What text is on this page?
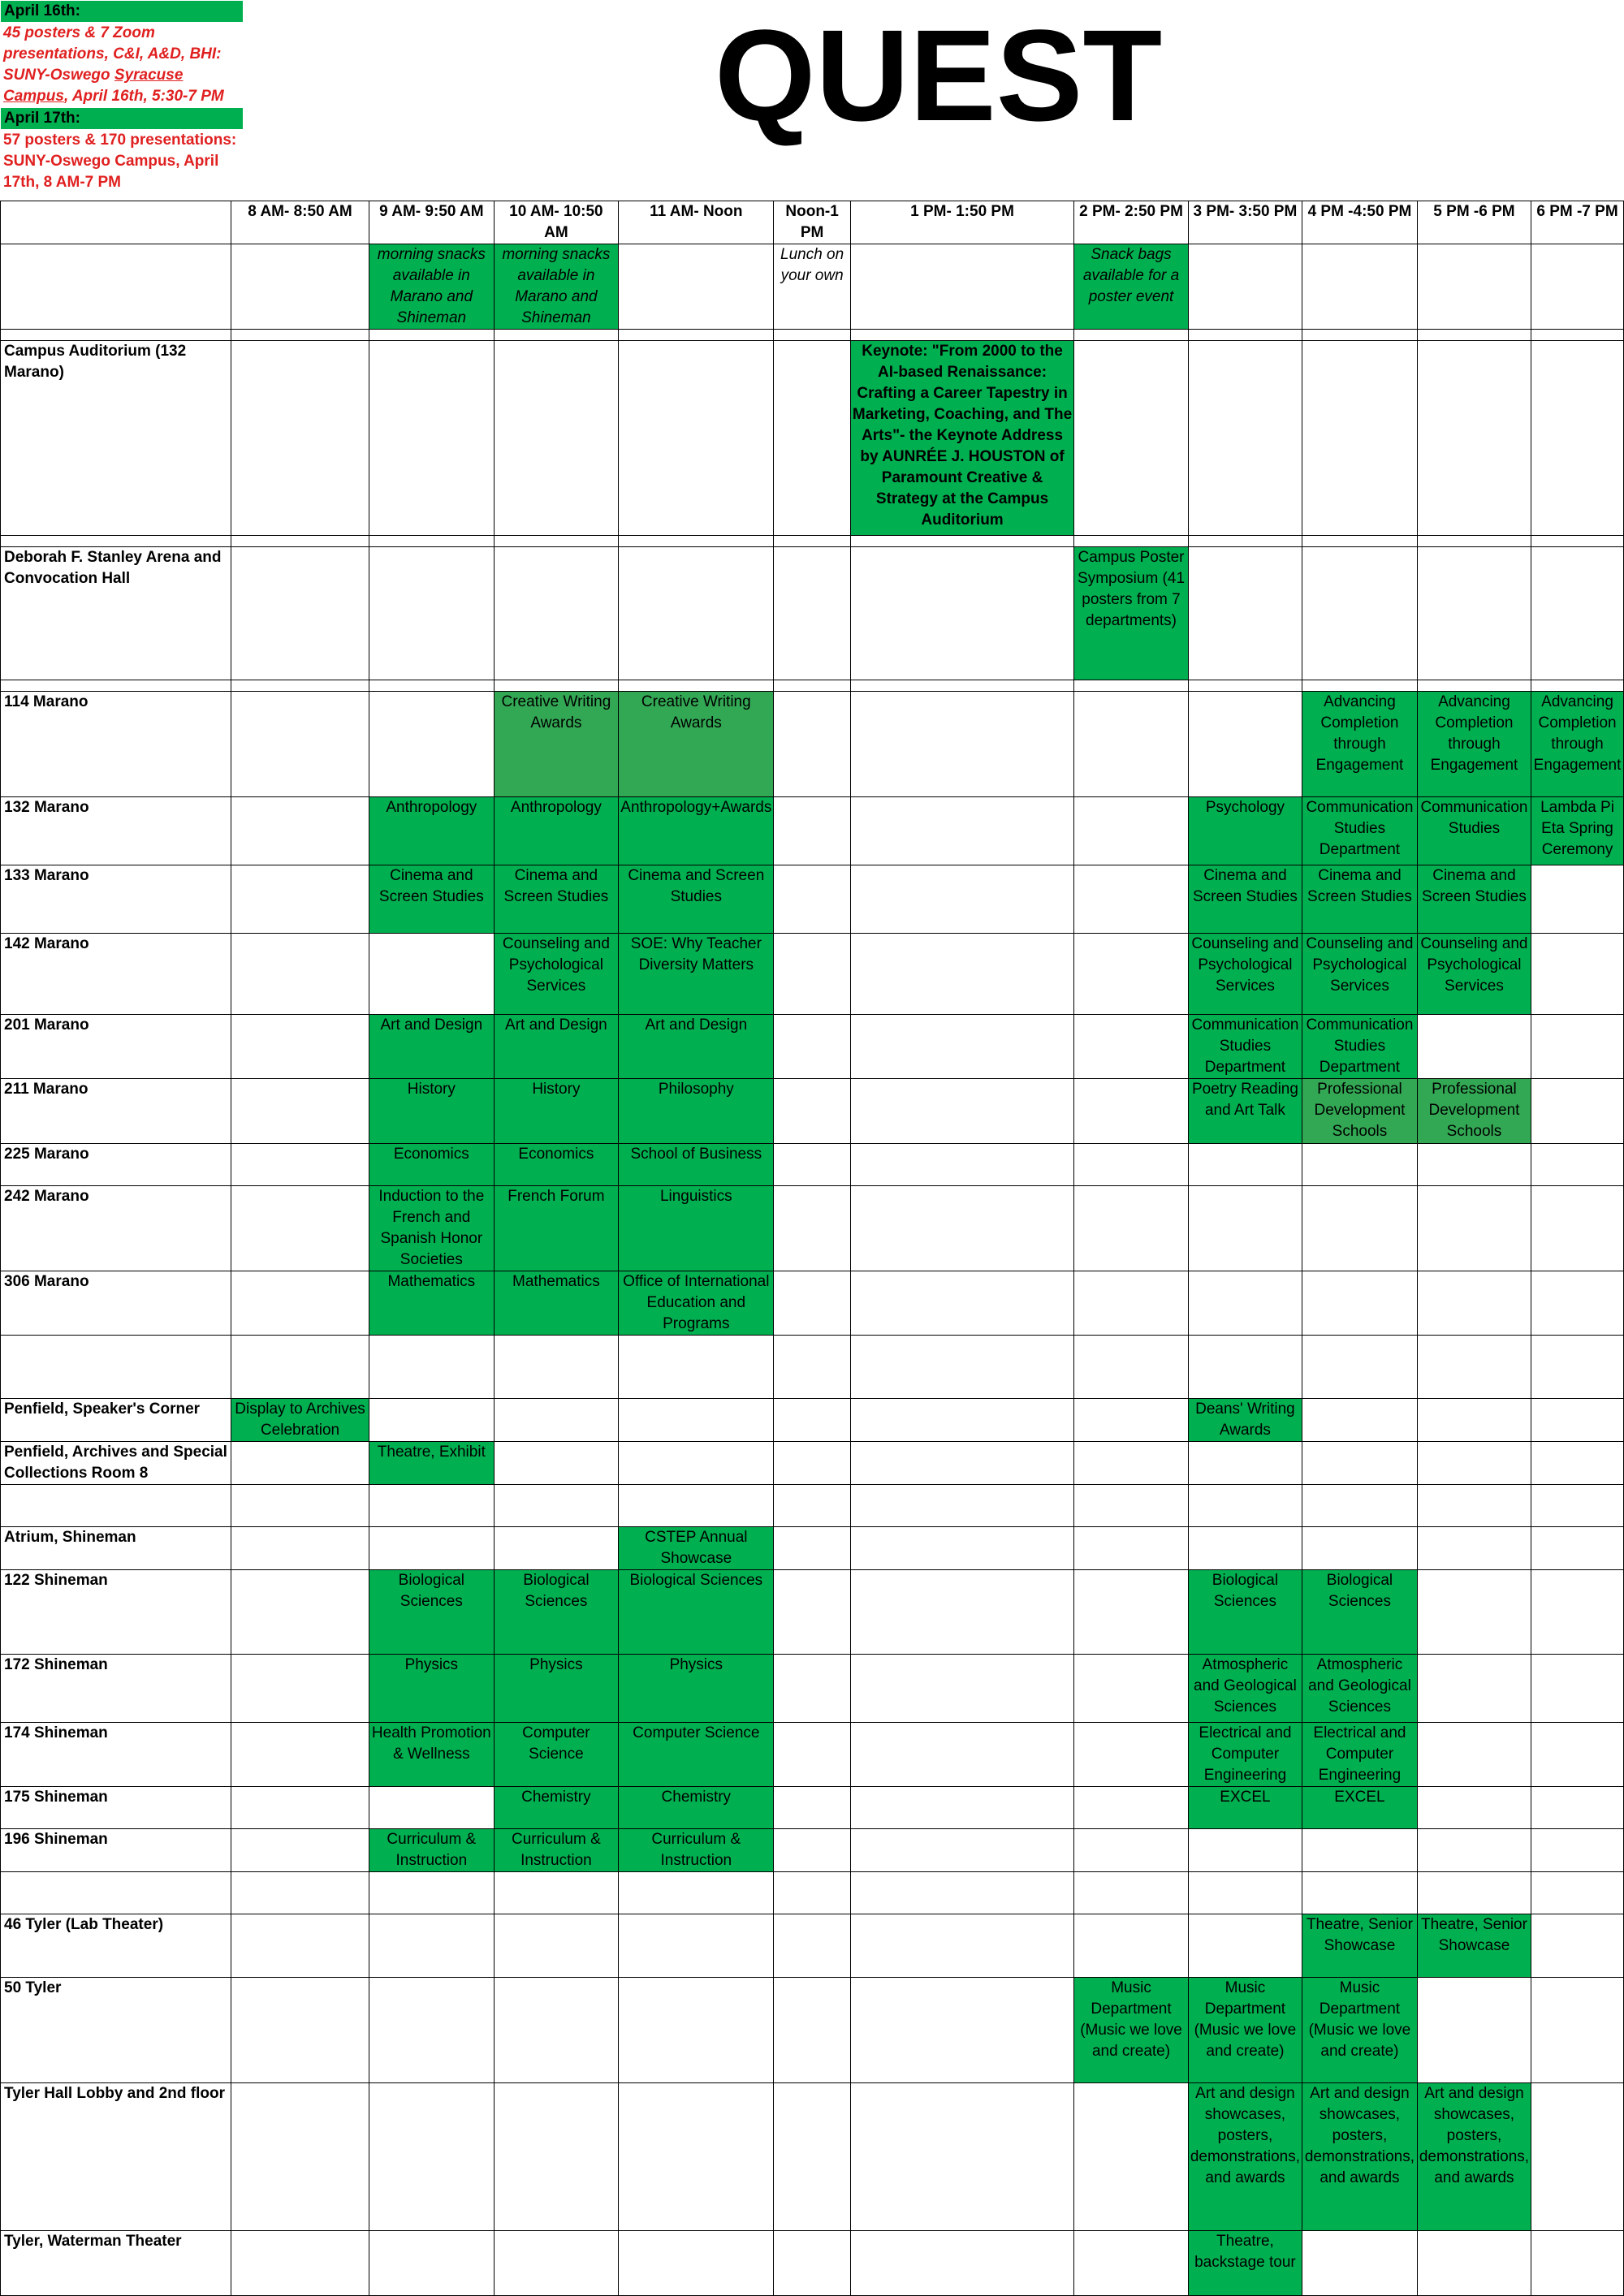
April 16th:
45 posters & 7 Zoom presentations, C&I, A&D, BHI: SUNY-Oswego Syracuse Campus, April 16th, 5:30-7 PM
April 17th:
57 posters & 170 presentations: SUNY-Oswego Campus, April 17th, 8 AM-7 PM
QUEST
	8 AM- 8:50 AM	9 AM- 9:50 AM	10 AM- 10:50 AM	11 AM- Noon	Noon-1 PM	1 PM- 1:50 PM	2 PM- 2:50 PM	3 PM- 3:50 PM	4 PM -4:50 PM	5 PM -6 PM	6 PM -7 PM
		morning snacks available in Marano and Shineman	morning snacks available in Marano and Shineman		Lunch on your own		Snack bags available for a poster event				

Campus Auditorium (132 Marano)						Keynote: "From 2000 to the AI-based Renaissance: Crafting a Career Tapestry in Marketing, Coaching, and The Arts"- the Keynote Address by AUNRÉE J. HOUSTON of Paramount Creative & Strategy at the Campus Auditorium					

Deborah F. Stanley Arena and Convocation Hall							Campus Poster Symposium (41 posters from 7 departments)				

114 Marano			Creative Writing Awards	Creative Writing Awards					Advancing Completion through Engagement	Advancing Completion through Engagement	Advancing Completion through Engagement
132 Marano		Anthropology	Anthropology	Anthropology+Awards				Psychology	Communication Studies Department	Communication Studies	Lambda Pi Eta Spring Ceremony
133 Marano		Cinema and Screen Studies	Cinema and Screen Studies	Cinema and Screen Studies				Cinema and Screen Studies	Cinema and Screen Studies	Cinema and Screen Studies	
142 Marano			Counseling and Psychological Services	SOE: Why Teacher Diversity Matters				Counseling and Psychological Services	Counseling and Psychological Services	Counseling and Psychological Services	
201 Marano		Art and Design	Art and Design	Art and Design				Communication Studies Department	Communication Studies Department		
211 Marano		History	History	Philosophy				Poetry Reading and Art Talk	Professional Development Schools	Professional Development Schools	
225 Marano		Economics	Economics	School of Business							
242 Marano		Induction to the French and Spanish Honor Societies	French Forum	Linguistics							
306 Marano		Mathematics	Mathematics	Office of International Education and Programs							

Penfield, Speaker's Corner	Display to Archives Celebration							Deans' Writing Awards			
Penfield, Archives and Special Collections Room 8		Theatre, Exhibit									

Atrium, Shineman				CSTEP Annual Showcase							
122 Shineman		Biological Sciences	Biological Sciences	Biological Sciences				Biological Sciences	Biological Sciences		
172 Shineman		Physics	Physics	Physics				Atmospheric and Geological Sciences	Atmospheric and Geological Sciences		
174 Shineman		Health Promotion & Wellness	Computer Science	Computer Science				Electrical and Computer Engineering	Electrical and Computer Engineering		
175 Shineman			Chemistry	Chemistry				EXCEL	EXCEL		
196 Shineman		Curriculum & Instruction	Curriculum & Instruction	Curriculum & Instruction							

46 Tyler (Lab Theater)									Theatre, Senior Showcase	Theatre, Senior Showcase	
50 Tyler							Music Department (Music we love and create)	Music Department (Music we love and create)	Music Department (Music we love and create)		
Tyler Hall Lobby and 2nd floor								Art and design showcases, posters, demonstrations, and awards	Art and design showcases, posters, demonstrations, and awards	Art and design showcases, posters, demonstrations, and awards	
Tyler, Waterman Theater								Theatre, backstage tour			
